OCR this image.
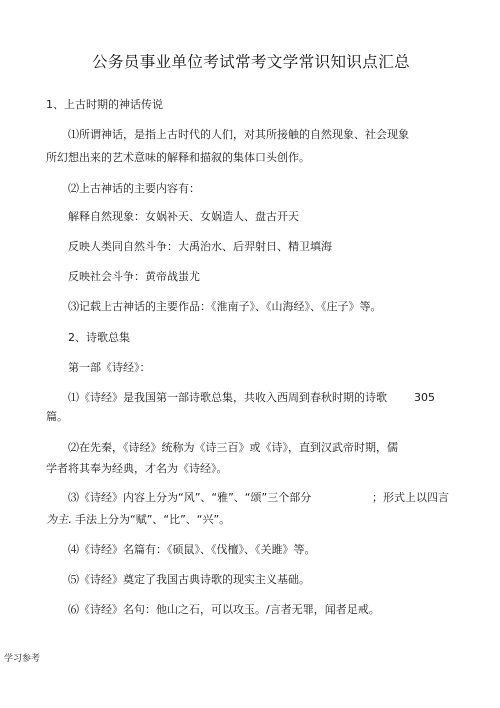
公务员事业单位考试常考文学常识知识点汇总
1、上古时期的神话传说
⑴所谓神话，是指上古时代的人们，对其所接触的自然现象、社会现象
所幻想出来的艺术意味的解释和描叙的集体口头创作。
⑵上古神话的主要内容有：
解释自然现象：女娲补天、女娲造人、盘古开天
反映人类同自然斗争：大禹治水、后羿射日、精卫填海
反映社会斗争：黄帝战蚩尤
⑶记载上古神话的主要作品：《淮南子》、《山海经》、《庄子》等。
2、诗歌总集
第一部《诗经》：
⑴《诗经》是我国第一部诗歌总集，共收入西周到春秋时期的诗歌 305
篇。
⑵在先秦，《诗经》统称为《诗三百》或《诗》，直到汉武帝时期，儒
学者将其奉为经典，才名为《诗经》。
⑶《诗经》内容上分为“风”、“雅”、“颂”三个部分	；形式上以四言
为主. 手法上分为“赋”、“比”、“兴”。
⑷《诗经》名篇有：《硕鼠》、《伐檀》、《关雎》等。
⑸《诗经》奠定了我国古典诗歌的现实主义基础。
⑹《诗经》名句：他山之石，可以攻玉。/言者无罪，闻者足戒。
学习参考
